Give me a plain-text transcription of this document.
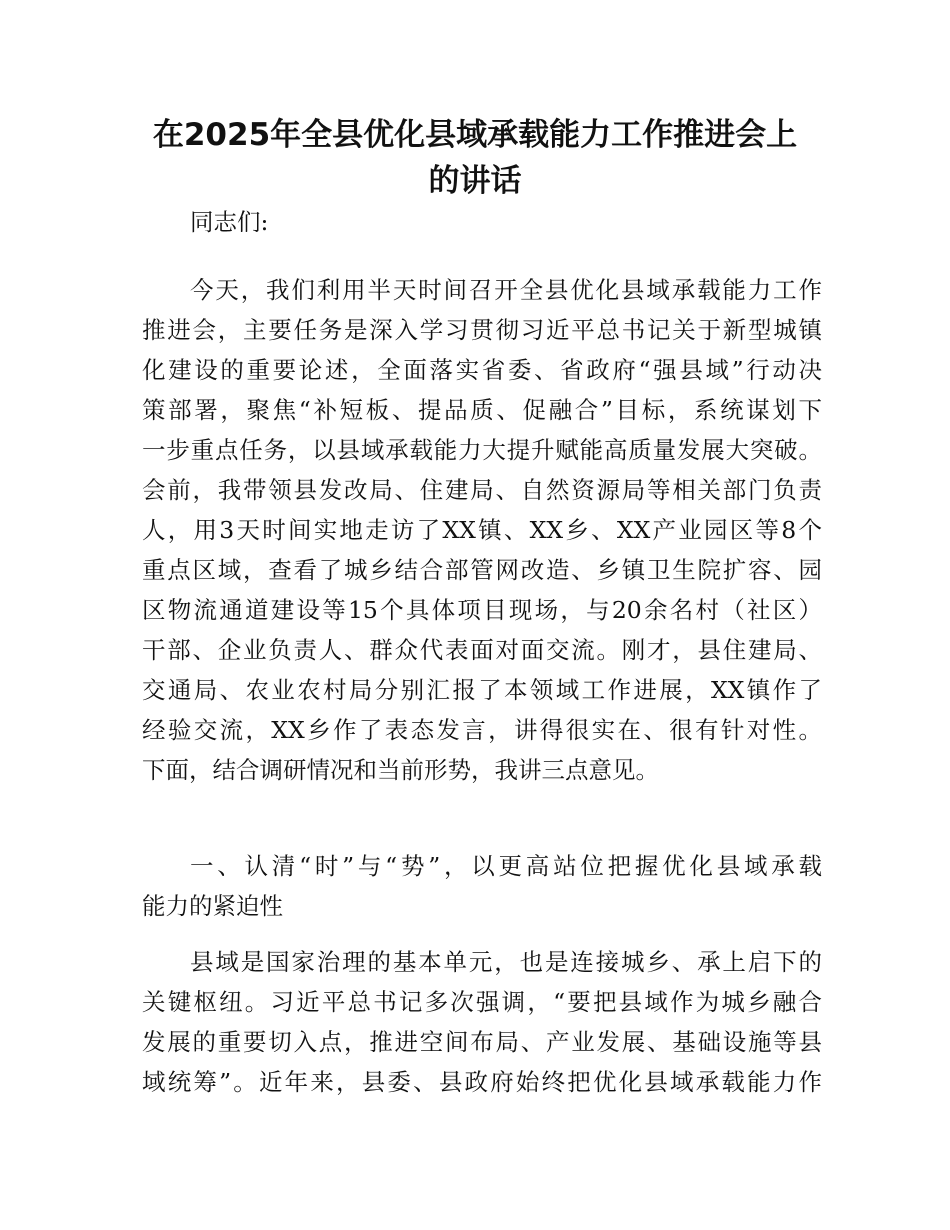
在2025年全县优化县域承载能力工作推进会上
的讲话
同志们:
今天，我们利用半天时间召开全县优化县域承载能力工作
推进会，主要任务是深入学习贯彻习近平总书记关于新型城镇
化建设的重要论述，全面落实省委、省政府“强县域”行动决
策部署，聚焦“补短板、提品质、促融合”目标，系统谋划下
一步重点任务，以县域承载能力大提升赋能高质量发展大突破。
会前，我带领县发改局、住建局、自然资源局等相关部门负责
人，用3天时间实地走访了XX镇、XX乡、XX产业园区等8个
重点区域，查看了城乡结合部管网改造、乡镇卫生院扩容、园
区物流通道建设等15个具体项目现场，与20余名村（社区）
干部、企业负责人、群众代表面对面交流。刚才，县住建局、
交通局、农业农村局分别汇报了本领域工作进展，XX镇作了
经验交流，XX乡作了表态发言，讲得很实在、很有针对性。
下面，结合调研情况和当前形势，我讲三点意见。
一、认清“时”与“势”，以更高站位把握优化县域承载
能力的紧迫性
县域是国家治理的基本单元，也是连接城乡、承上启下的
关键枢纽。习近平总书记多次强调，“要把县域作为城乡融合
发展的重要切入点，推进空间布局、产业发展、基础设施等县
域统筹”。近年来，县委、县政府始终把优化县域承载能力作
